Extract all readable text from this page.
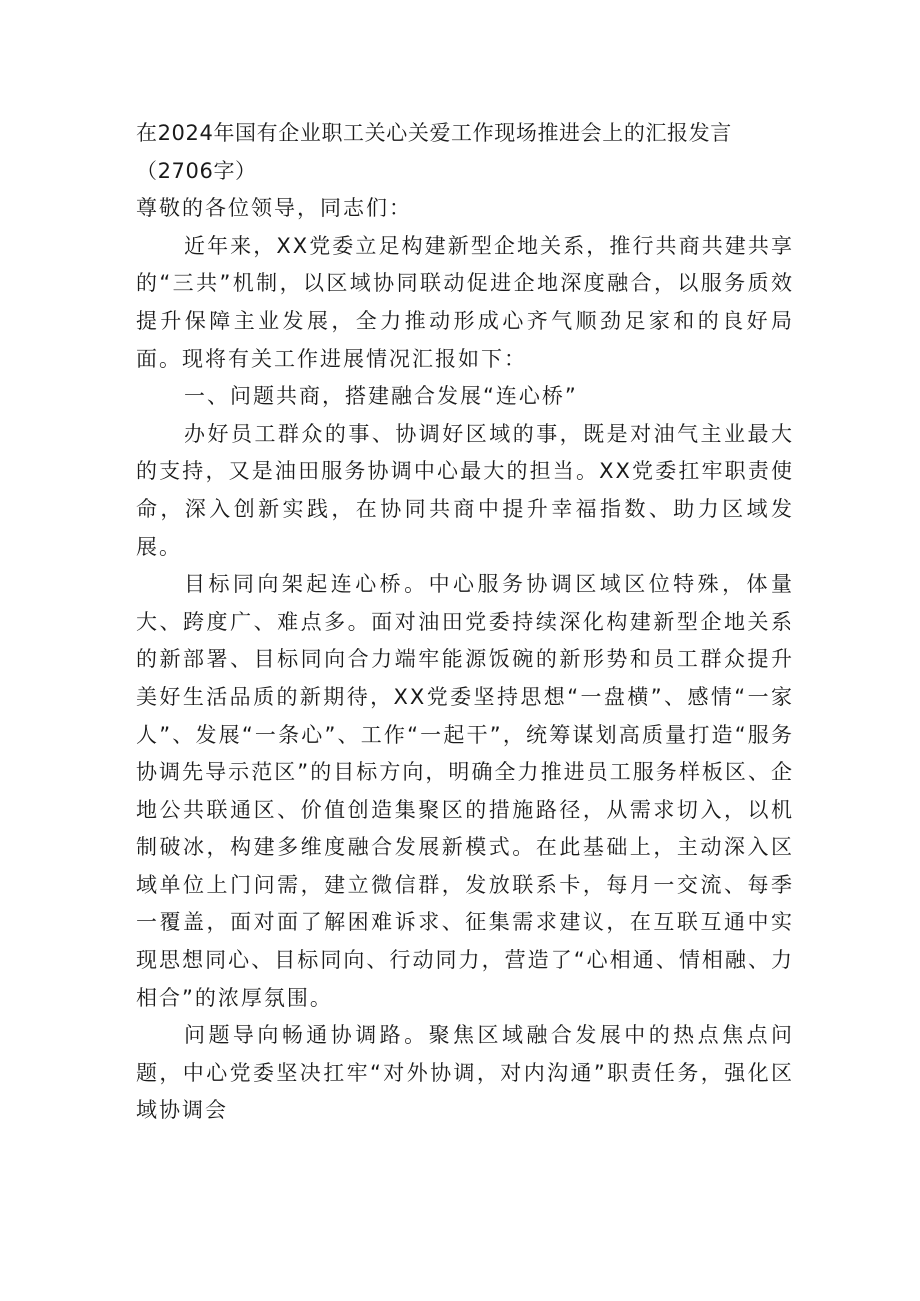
在2024年国有企业职工关心关爱工作现场推进会上的汇报发言（2706字）

尊敬的各位领导，同志们：

近年来，XX党委立足构建新型企地关系，推行共商共建共享的“三共”机制，以区域协同联动促进企地深度融合，以服务质效提升保障主业发展，全力推动形成心齐气顺劲足家和的良好局面。现将有关工作进展情况汇报如下：

一、问题共商，搭建融合发展“连心桥”

办好员工群众的事、协调好区域的事，既是对油气主业最大的支持，又是油田服务协调中心最大的担当。XX党委扛牢职责使命，深入创新实践，在协同共商中提升幸福指数、助力区域发展。

目标同向架起连心桥。中心服务协调区域区位特殊，体量大、跨度广、难点多。面对油田党委持续深化构建新型企地关系的新部署、目标同向合力端牢能源饭碗的新形势和员工群众提升美好生活品质的新期待，XX党委坚持思想“一盘横”、感情“一家人”、发展“一条心”、工作“一起干”，统筹谋划高质量打造“服务协调先导示范区”的目标方向，明确全力推进员工服务样板区、企地公共联通区、价值创造集聚区的措施路径，从需求切入，以机制破冰，构建多维度融合发展新模式。在此基础上，主动深入区域单位上门问需，建立微信群，发放联系卡，每月一交流、每季一覆盖，面对面了解困难诉求、征集需求建议，在互联互通中实现思想同心、目标同向、行动同力，营造了“心相通、情相融、力相合”的浓厚氛围。

问题导向畅通协调路。聚焦区域融合发展中的热点焦点问题，中心党委坚决扛牢“对外协调，对内沟通”职责任务，强化区域协调会
